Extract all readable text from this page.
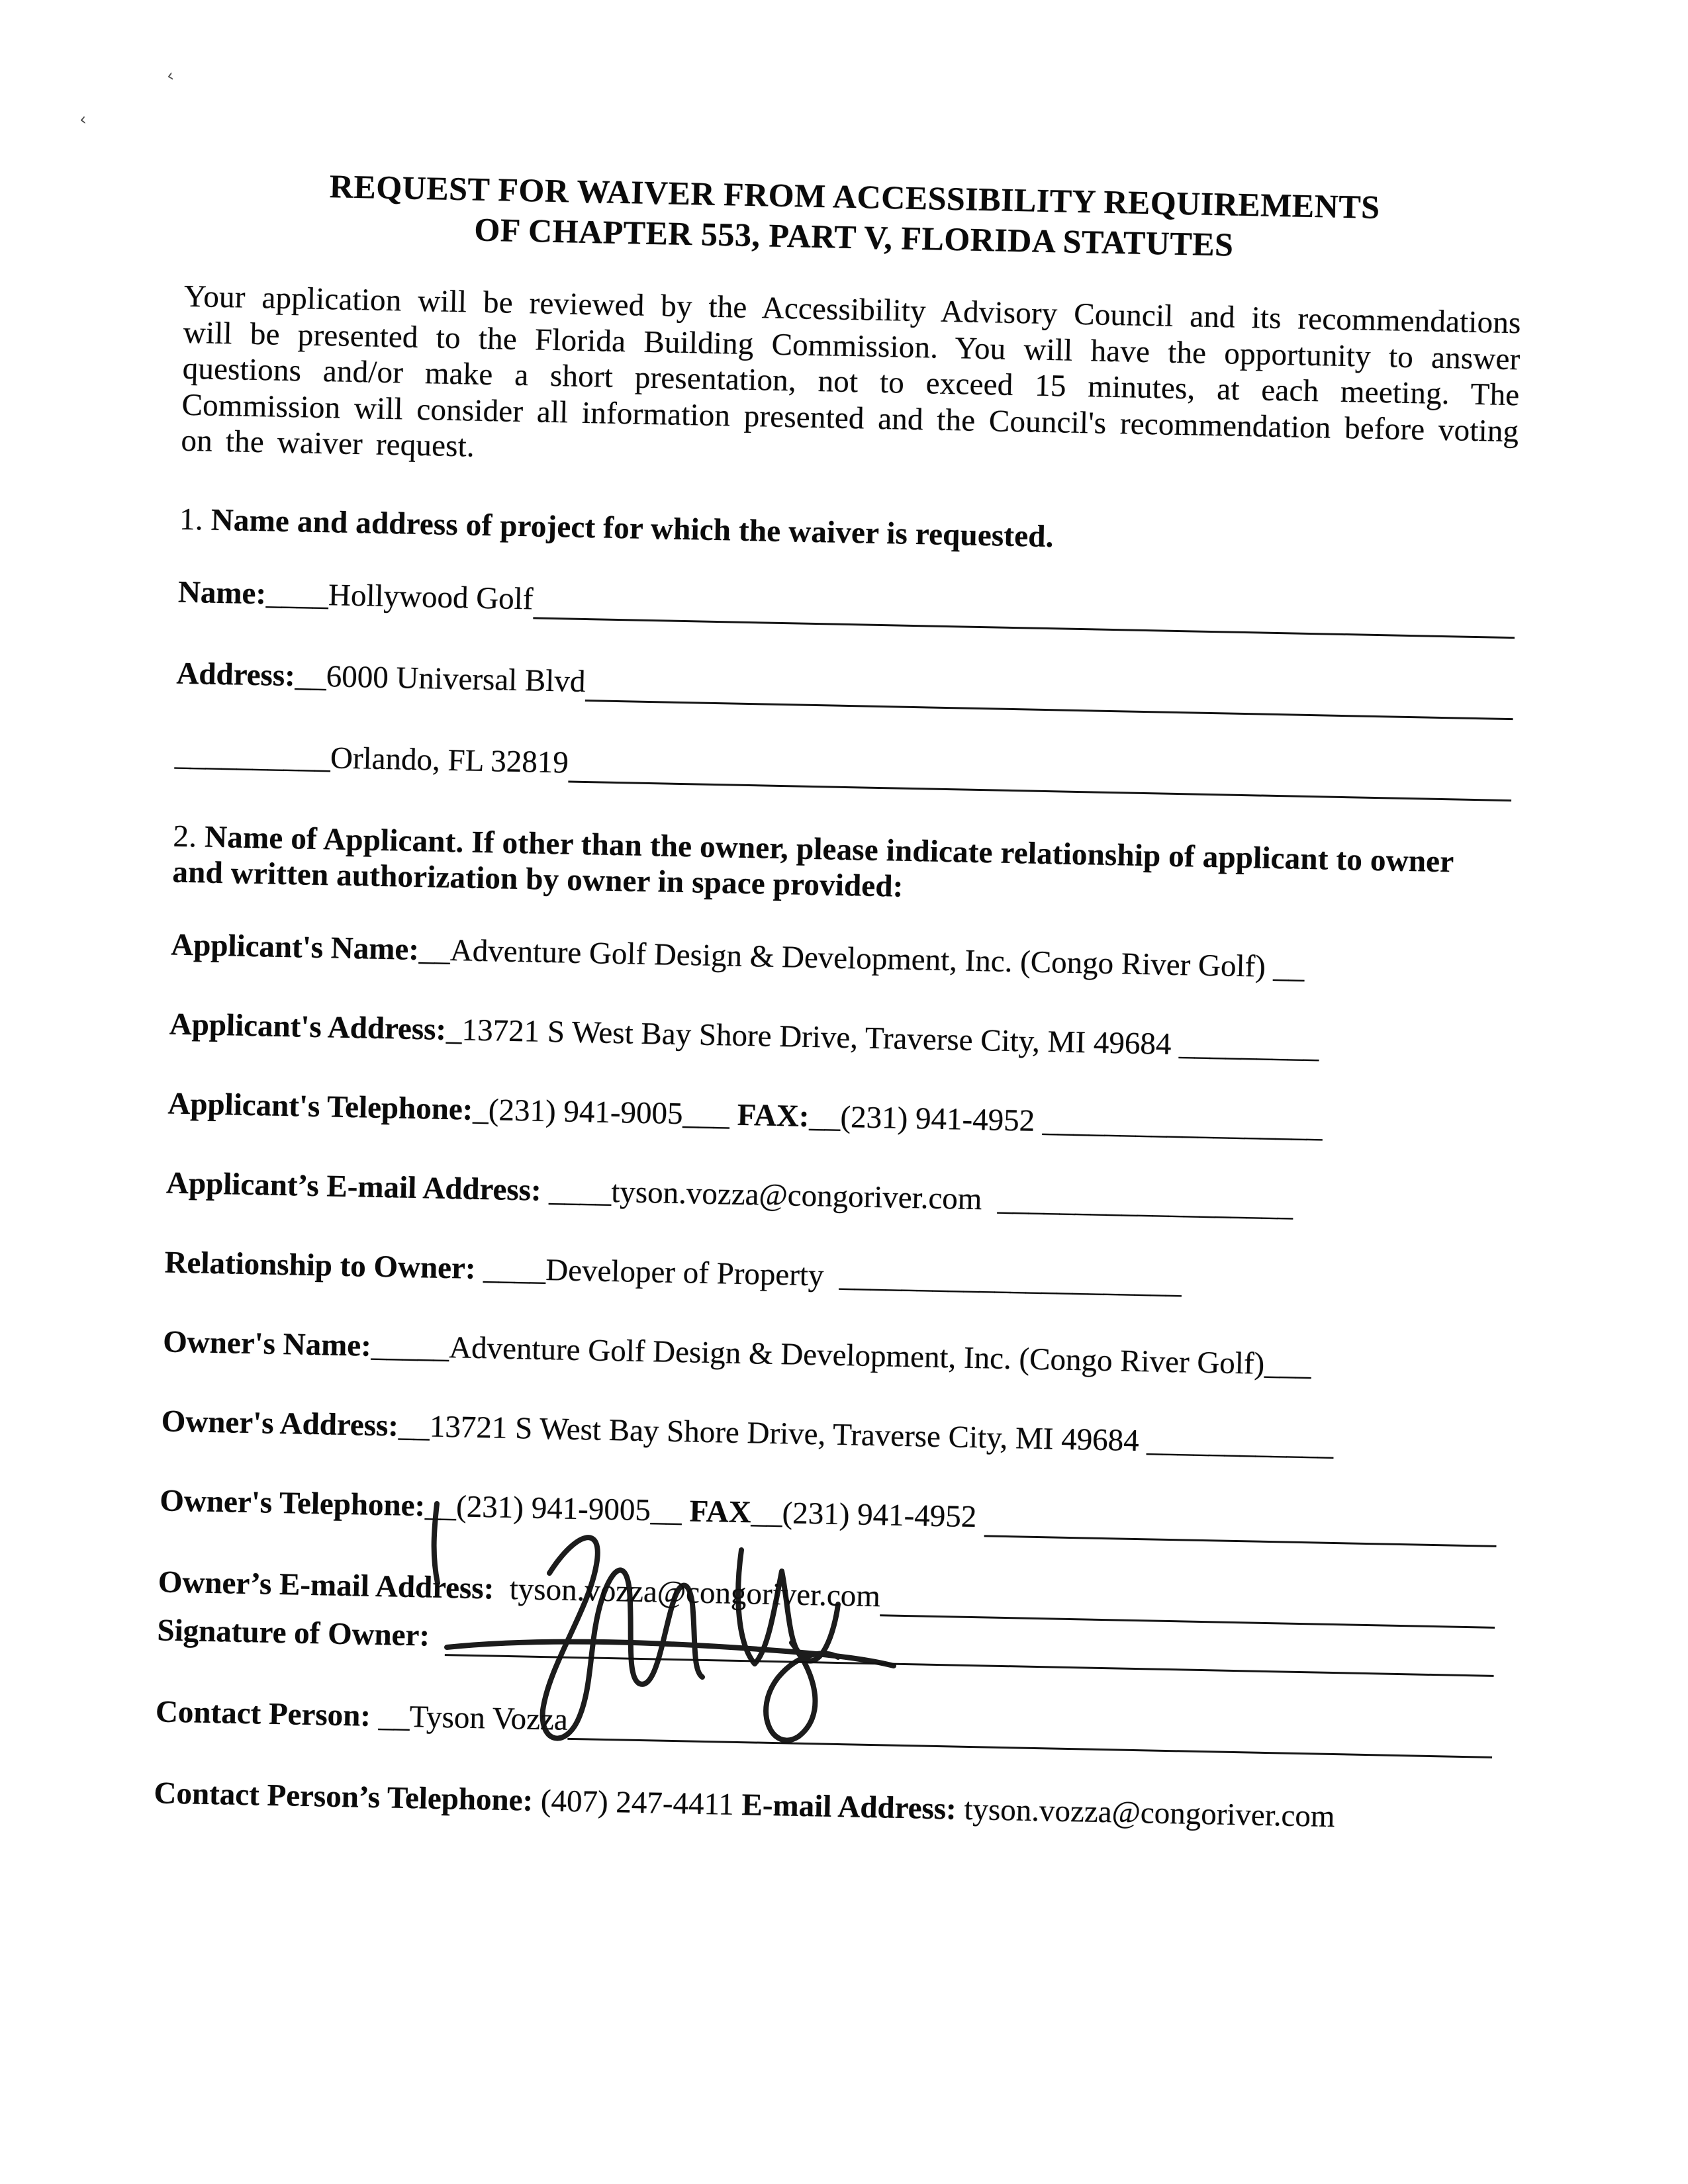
‹
‹

REQUEST FOR WAIVER FROM ACCESSIBILITY REQUIREMENTS
OF CHAPTER 553, PART V, FLORIDA STATUTES

Your application will be reviewed by the Accessibility Advisory Council and its recommendations will be presented to the Florida Building Commission. You will have the opportunity to answer questions and/or make a short presentation, not to exceed 15 minutes, at each meeting. The Commission will consider all information presented and the Council's recommendation before voting on the waiver request.

1. Name and address of project for which the waiver is requested.

Name:
____
Hollywood Golf
Address:
__
6000 Universal Blvd
__________
Orlando, FL 32819

2. Name of Applicant. If other than the owner, please indicate relationship of applicant to owner and written authorization by owner in space provided:

Applicant's Name:
__
Adventure Golf Design & Development, Inc. (Congo River Golf)
__
Applicant's Address:
_
13721 S West Bay Shore Drive, Traverse City, MI 49684
_________
Applicant's Telephone:
_
(231) 941-9005
___
FAX:
__
(231) 941-4952
__________________
Applicant’s E-mail Address:
____
tyson.vozza@congoriver.com
___________________
Relationship to Owner:
____
Developer of Property
______________________
Owner's Name:
_____
Adventure Golf Design & Development, Inc. (Congo River Golf)
___
Owner's Address:
__
13721 S West Bay Shore Drive, Traverse City, MI 49684
____________
Owner's Telephone:
__
(231) 941-9005
__
FAX
__
(231) 941-4952

Owner’s E-mail Address:
tyson.vozza@congoriver.com
Signature of Owner:

Contact Person:
__
Tyson Vozza
Contact Person’s Telephone:
(407) 247-4411
E-mail Address:
tyson.vozza@congoriver.com
